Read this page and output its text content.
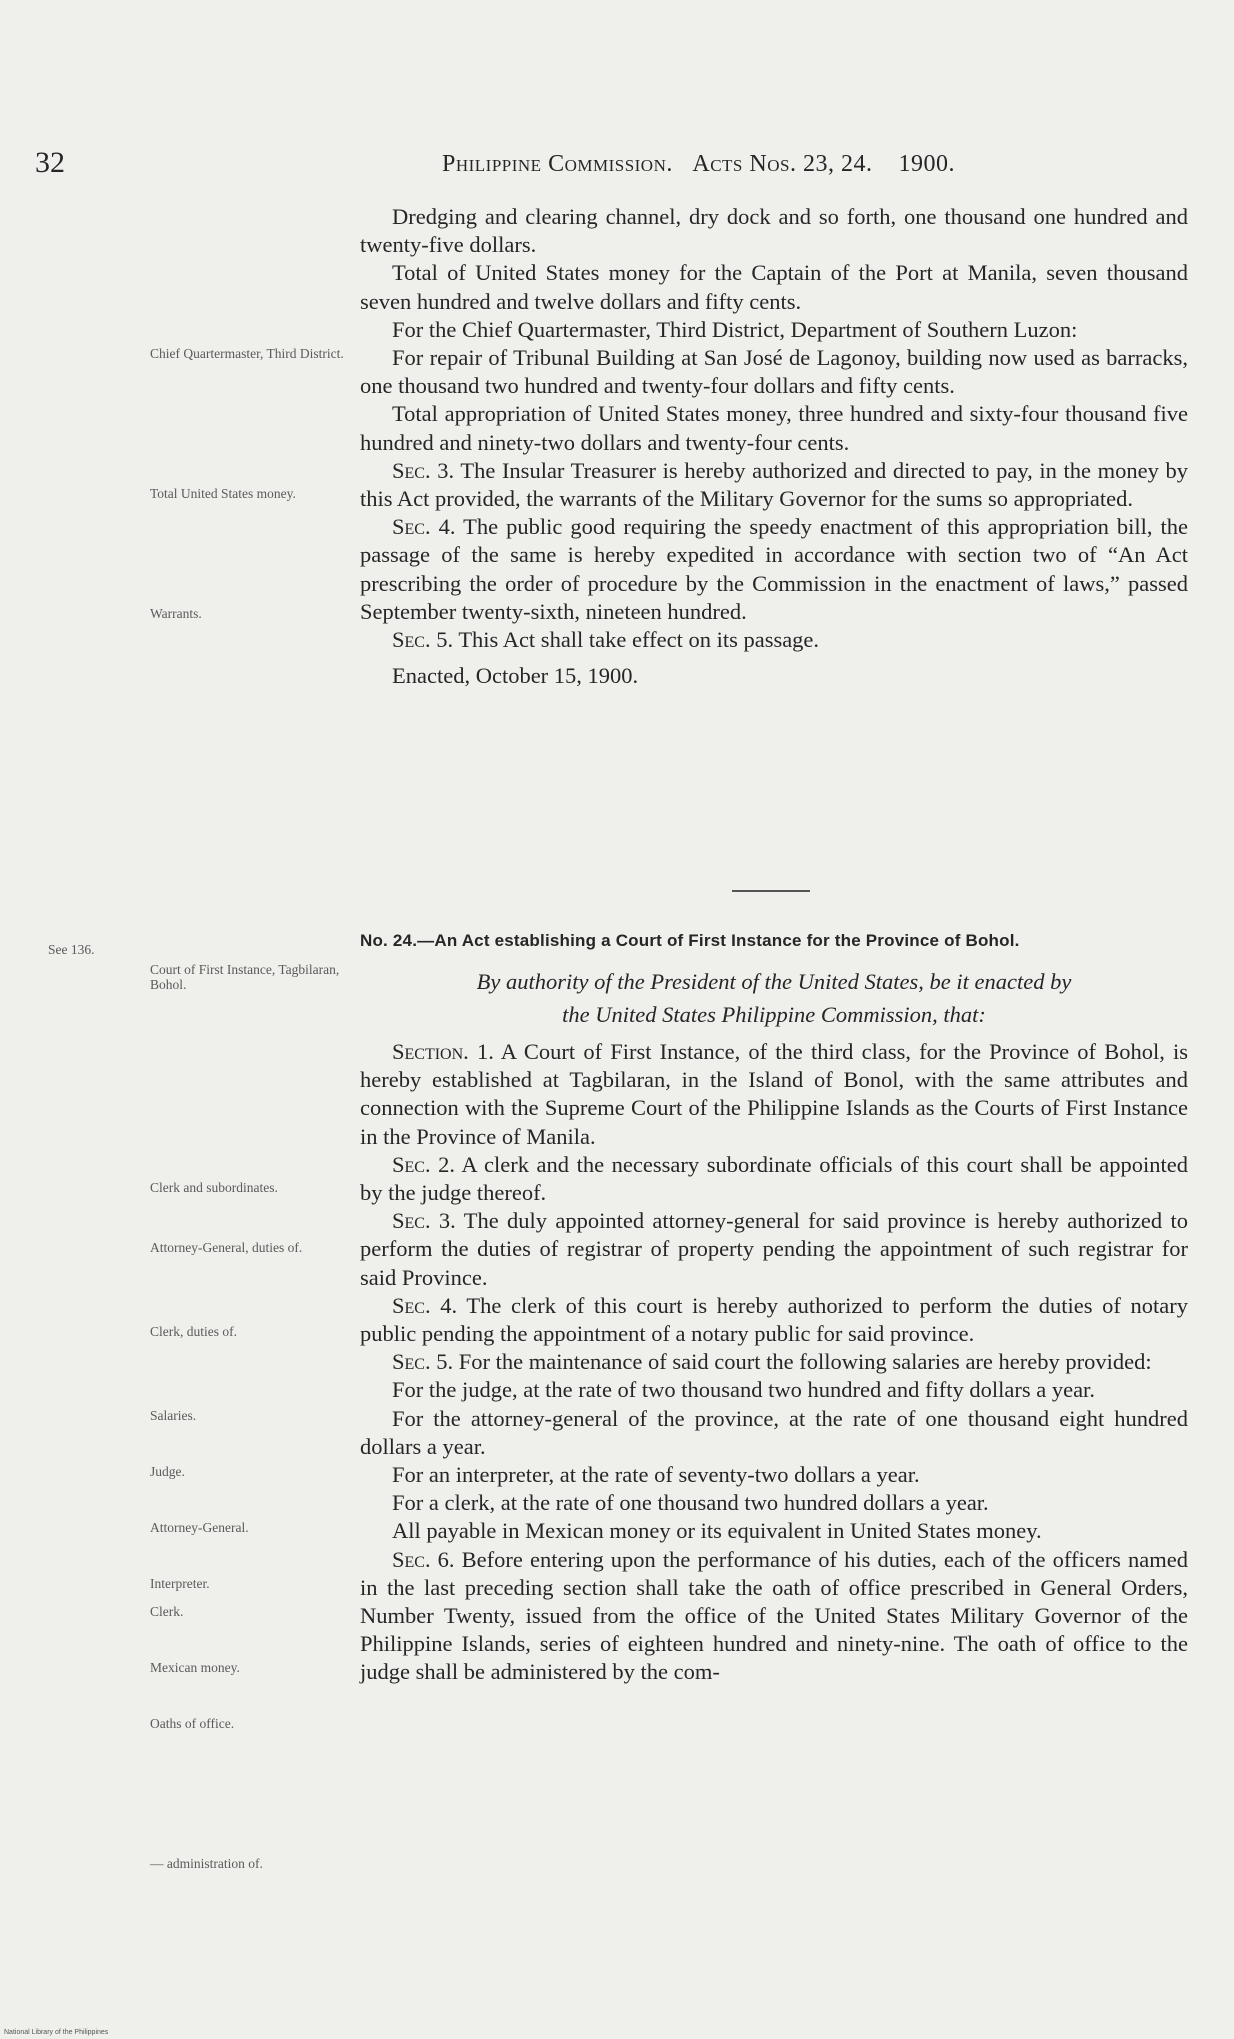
32	Philippine Commission. Acts Nos. 23, 24. 1900.

Dredging and clearing channel, dry dock and so forth, one thousand one hundred and twenty-five dollars.

Total of United States money for the Captain of the Port at Manila, seven thousand seven hundred and twelve dollars and fifty cents.

For the Chief Quartermaster, Third District, Department of Southern Luzon:

For repair of Tribunal Building at San José de Lagonoy, building now used as barracks, one thousand two hundred and twenty-four dollars and fifty cents.

Total appropriation of United States money, three hundred and sixty-four thousand five hundred and ninety-two dollars and twenty-four cents.

Sec. 3. The Insular Treasurer is hereby authorized and directed to pay, in the money by this Act provided, the warrants of the Military Governor for the sums so appropriated.

Sec. 4. The public good requiring the speedy enactment of this appropriation bill, the passage of the same is hereby expedited in accordance with section two of “An Act prescribing the order of procedure by the Commission in the enactment of laws,” passed September twenty-sixth, nineteen hundred.

Sec. 5. This Act shall take effect on its passage.

Enacted, October 15, 1900.

Chief Quartermaster, Third District.
Total United States money.
Warrants.
See 136.	No. 24.—An Act establishing a Court of First Instance for the Province of Bohol.
By authority of the President of the United States, be it enacted by
the United States Philippine Commission, that:

Section. 1. A Court of First Instance, of the third class, for the Province of Bohol, is hereby established at Tagbilaran, in the Island of Bonol, with the same attributes and connection with the Supreme Court of the Philippine Islands as the Courts of First Instance in the Province of Manila.

Sec. 2. A clerk and the necessary subordinate officials of this court shall be appointed by the judge thereof.

Sec. 3. The duly appointed attorney-general for said province is hereby authorized to perform the duties of registrar of property pending the appointment of such registrar for said Province.

Sec. 4. The clerk of this court is hereby authorized to perform the duties of notary public pending the appointment of a notary public for said province.

Sec. 5. For the maintenance of said court the following salaries are hereby provided:

For the judge, at the rate of two thousand two hundred and fifty dollars a year.

For the attorney-general of the province, at the rate of one thousand eight hundred dollars a year.

For an interpreter, at the rate of seventy-two dollars a year.

For a clerk, at the rate of one thousand two hundred dollars a year.

All payable in Mexican money or its equivalent in United States money.

Sec. 6. Before entering upon the performance of his duties, each of the officers named in the last preceding section shall take the oath of office prescribed in General Orders, Number Twenty, issued from the office of the United States Military Governor of the Philippine Islands, series of eighteen hundred and ninety-nine. The oath of office to the judge shall be administered by the com-

Court of First Instance, Tagbilaran, Bohol.
Clerk and subordinates.
Attorney-General, duties of.
Clerk, duties of.
Salaries.
Judge.
Attorney-General.
Interpreter.
Clerk.
Mexican money.
Oaths of office.
— administration of.
National Library of the Philippines
